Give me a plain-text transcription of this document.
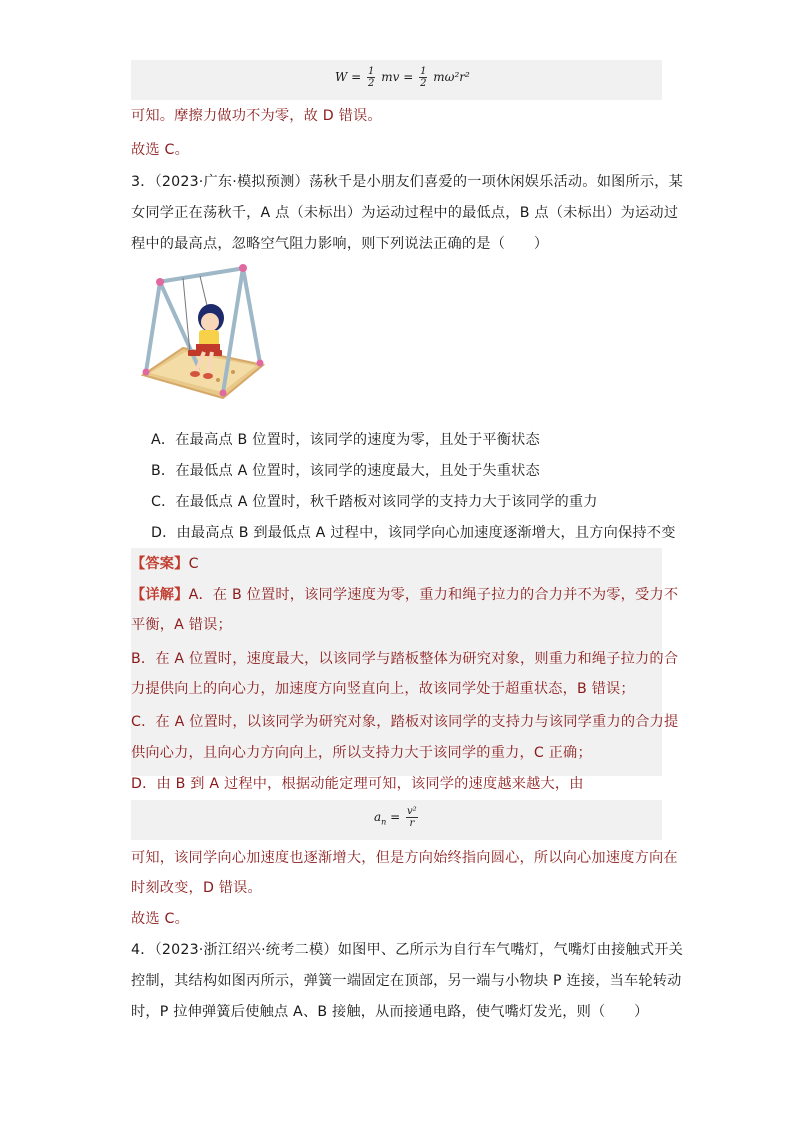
$W = \frac{1}{2}$ mv = $\frac{1}{2} m\omega^2r^2$
可知。摩擦力做功不为零，故 D 错误。
故选 C。
3．（2023·广东·模拟预测）荡秋千是小朋友们喜爱的一项休闲娱乐活动。如图所示，某
女同学正在荡秋千，A 点（未标出）为运动过程中的最低点，B 点（未标出）为运动过
程中的最高点，忽略空气阻力影响，则下列说法正确的是（　　）
A．在最高点 B 位置时，该同学的速度为零，且处于平衡状态
B．在最低点 A 位置时，该同学的速度最大，且处于失重状态
C．在最低点 A 位置时，秋千踏板对该同学的支持力大于该同学的重力
D．由最高点 B 到最低点 A 过程中，该同学向心加速度逐渐增大，且方向保持不变
【答案】C
【详解】A．在 B 位置时，该同学速度为零，重力和绳子拉力的合力并不为零，受力不
平衡，A 错误；
B．在 A 位置时，速度最大，以该同学与踏板整体为研究对象，则重力和绳子拉力的合
力提供向上的向心力，加速度方向竖直向上，故该同学处于超重状态，B 错误；
C．在 A 位置时，以该同学为研究对象，踏板对该同学的支持力与该同学重力的合力提
供向心力，且向心力方向向上，所以支持力大于该同学的重力，C 正确；
D．由 B 到 A 过程中，根据动能定理可知，该同学的速度越来越大，由
$a_n = \frac{\text{v²}}{r}$
可知，该同学向心加速度也逐渐增大，但是方向始终指向圆心，所以向心加速度方向在
时刻改变，D 错误。
故选 C。
4．（2023·浙江绍兴·统考二模）如图甲、乙所示为自行车气嘴灯，气嘴灯由接触式开关
控制，其结构如图丙所示，弹簧一端固定在顶部，另一端与小物块 P 连接，当车轮转动
时，P 拉伸弹簧后使触点 A、B 接触，从而接通电路，使气嘴灯发光，则（　　）
